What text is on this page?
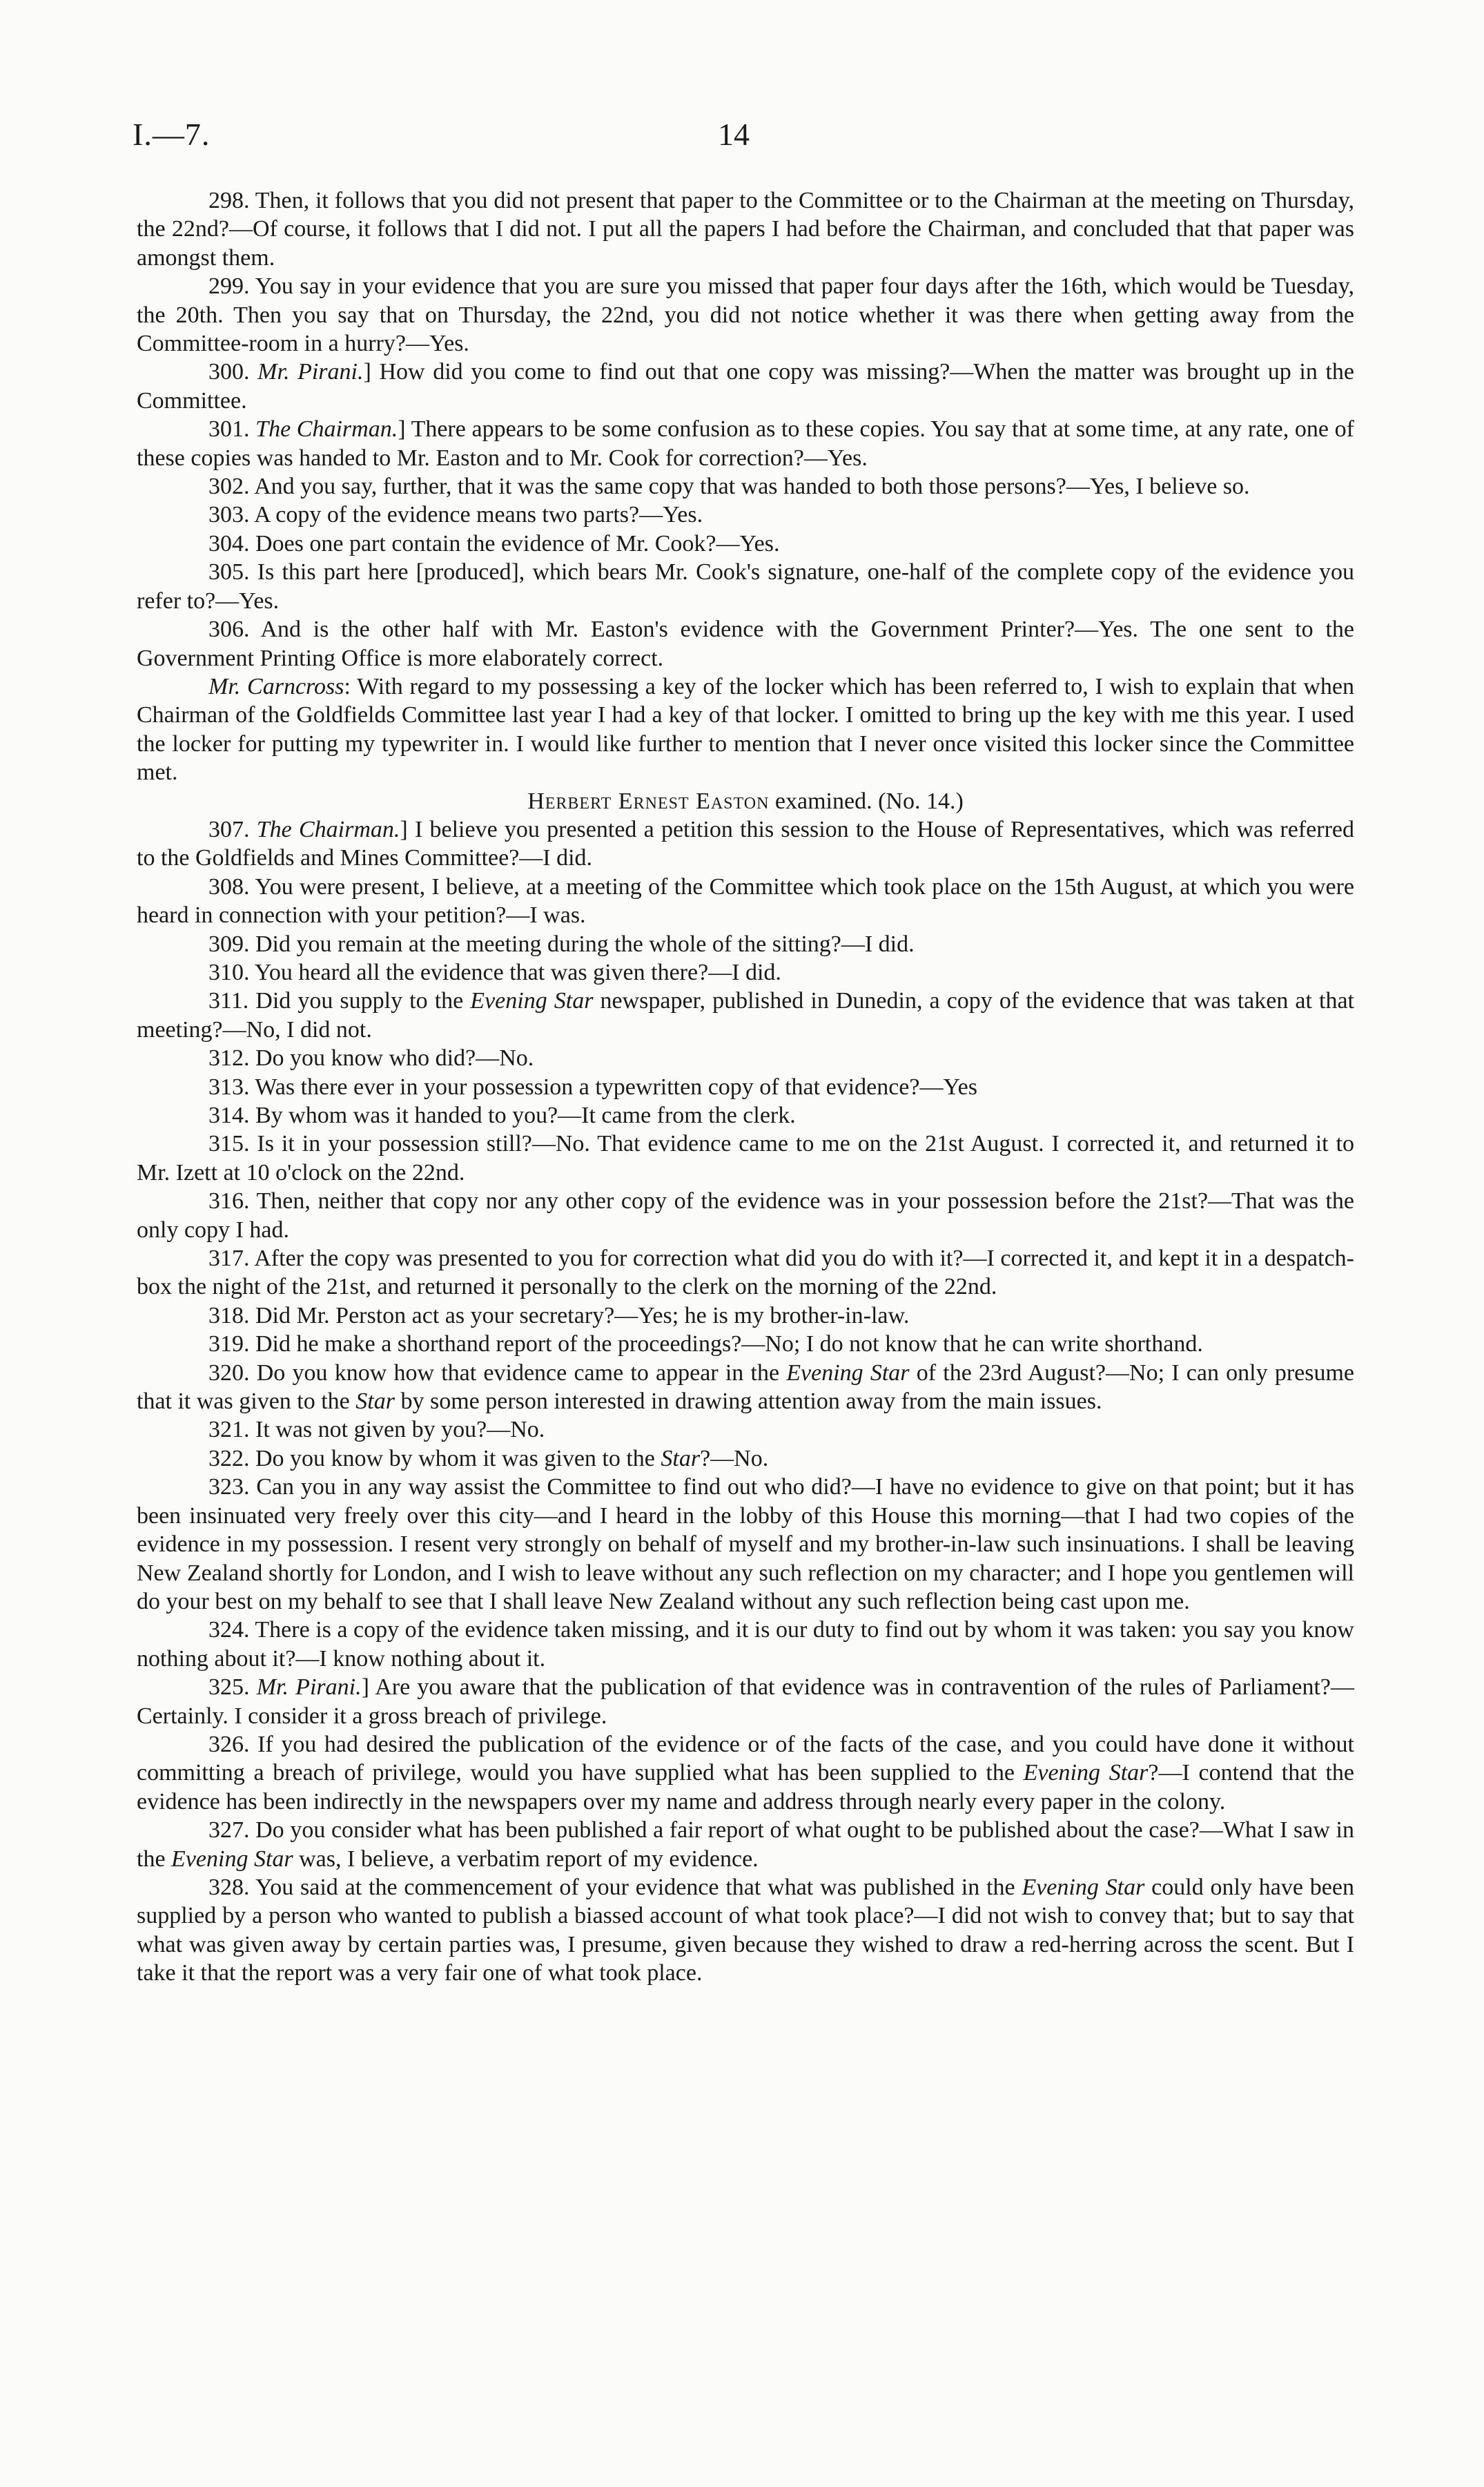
I.—7.	14

298. Then, it follows that you did not present that paper to the Committee or to the Chairman at the meeting on Thursday, the 22nd?—Of course, it follows that I did not. I put all the papers I had before the Chairman, and concluded that that paper was amongst them.

299. You say in your evidence that you are sure you missed that paper four days after the 16th, which would be Tuesday, the 20th. Then you say that on Thursday, the 22nd, you did not notice whether it was there when getting away from the Committee-room in a hurry?—Yes.

300. Mr. Pirani.] How did you come to find out that one copy was missing?—When the matter was brought up in the Committee.

301. The Chairman.] There appears to be some confusion as to these copies. You say that at some time, at any rate, one of these copies was handed to Mr. Easton and to Mr. Cook for correction?—Yes.

302. And you say, further, that it was the same copy that was handed to both those persons?—Yes, I believe so.

303. A copy of the evidence means two parts?—Yes.

304. Does one part contain the evidence of Mr. Cook?—Yes.

305. Is this part here [produced], which bears Mr. Cook's signature, one-half of the complete copy of the evidence you refer to?—Yes.

306. And is the other half with Mr. Easton's evidence with the Government Printer?—Yes. The one sent to the Government Printing Office is more elaborately correct.

Mr. Carncross: With regard to my possessing a key of the locker which has been referred to, I wish to explain that when Chairman of the Goldfields Committee last year I had a key of that locker. I omitted to bring up the key with me this year. I used the locker for putting my typewriter in. I would like further to mention that I never once visited this locker since the Committee met.

Herbert Ernest Easton examined. (No. 14.)

307. The Chairman.] I believe you presented a petition this session to the House of Representatives, which was referred to the Goldfields and Mines Committee?—I did.

308. You were present, I believe, at a meeting of the Committee which took place on the 15th August, at which you were heard in connection with your petition?—I was.

309. Did you remain at the meeting during the whole of the sitting?—I did.

310. You heard all the evidence that was given there?—I did.

311. Did you supply to the Evening Star newspaper, published in Dunedin, a copy of the evidence that was taken at that meeting?—No, I did not.

312. Do you know who did?—No.

313. Was there ever in your possession a typewritten copy of that evidence?—Yes

314. By whom was it handed to you?—It came from the clerk.

315. Is it in your possession still?—No. That evidence came to me on the 21st August. I corrected it, and returned it to Mr. Izett at 10 o'clock on the 22nd.

316. Then, neither that copy nor any other copy of the evidence was in your possession before the 21st?—That was the only copy I had.

317. After the copy was presented to you for correction what did you do with it?—I corrected it, and kept it in a despatch-box the night of the 21st, and returned it personally to the clerk on the morning of the 22nd.

318. Did Mr. Perston act as your secretary?—Yes; he is my brother-in-law.

319. Did he make a shorthand report of the proceedings?—No; I do not know that he can write shorthand.

320. Do you know how that evidence came to appear in the Evening Star of the 23rd August?—No; I can only presume that it was given to the Star by some person interested in drawing attention away from the main issues.

321. It was not given by you?—No.

322. Do you know by whom it was given to the Star?—No.

323. Can you in any way assist the Committee to find out who did?—I have no evidence to give on that point; but it has been insinuated very freely over this city—and I heard in the lobby of this House this morning—that I had two copies of the evidence in my possession. I resent very strongly on behalf of myself and my brother-in-law such insinuations. I shall be leaving New Zealand shortly for London, and I wish to leave without any such reflection on my character; and I hope you gentlemen will do your best on my behalf to see that I shall leave New Zealand without any such reflection being cast upon me.

324. There is a copy of the evidence taken missing, and it is our duty to find out by whom it was taken: you say you know nothing about it?—I know nothing about it.

325. Mr. Pirani.] Are you aware that the publication of that evidence was in contravention of the rules of Parliament?—Certainly. I consider it a gross breach of privilege.

326. If you had desired the publication of the evidence or of the facts of the case, and you could have done it without committing a breach of privilege, would you have supplied what has been supplied to the Evening Star?—I contend that the evidence has been indirectly in the newspapers over my name and address through nearly every paper in the colony.

327. Do you consider what has been published a fair report of what ought to be published about the case?—What I saw in the Evening Star was, I believe, a verbatim report of my evidence.

328. You said at the commencement of your evidence that what was published in the Evening Star could only have been supplied by a person who wanted to publish a biassed account of what took place?—I did not wish to convey that; but to say that what was given away by certain parties was, I presume, given because they wished to draw a red-herring across the scent. But I take it that the report was a very fair one of what took place.
